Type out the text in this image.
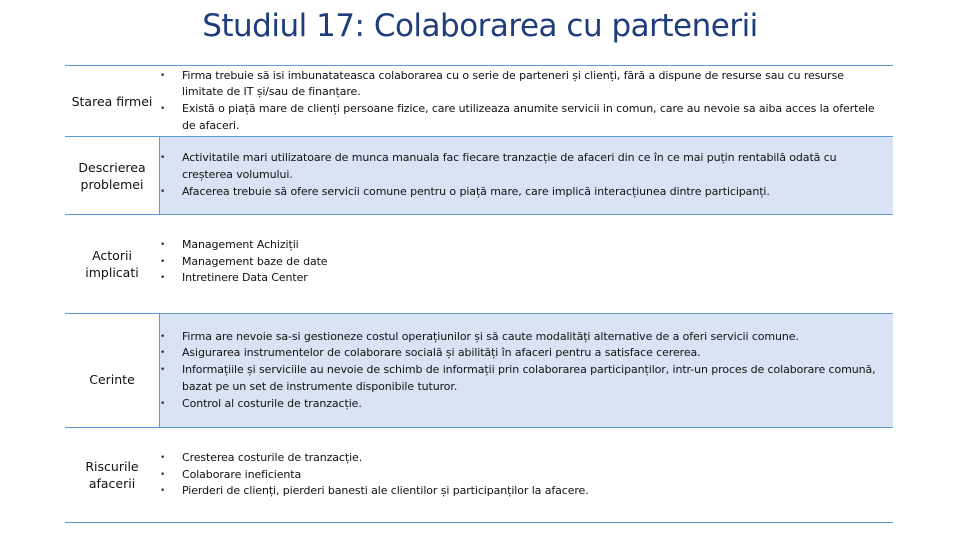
Studiul 17: Colaborarea cu partenerii
Starea firmei
•	Firma trebuie să isi imbunatateasca colaborarea cu o serie de parteneri și clienți, fără a dispune de resurse sau cu resurse limitate de IT și/sau de finanțare.
•	Există o piață mare de clienți persoane fizice, care utilizeaza anumite servicii in comun, care au nevoie sa aiba acces la ofertele de afaceri.
Descrierea problemei
•	Activitatile mari utilizatoare de munca manuala fac fiecare tranzacție de afaceri din ce în ce mai puțin rentabilă odată cu creșterea volumului.
•	Afacerea trebuie să ofere servicii comune pentru o piață mare, care implică interacțiunea dintre participanți.
Actorii implicati
•	Management Achiziții
•	Management baze de date
•	Intretinere Data Center
Cerinte
•	Firma are nevoie sa-si gestioneze costul operațiunilor și să caute modalități alternative de a oferi servicii comune.
•	Asigurarea instrumentelor de colaborare socială și abilități în afaceri pentru a satisface cererea.
•	Informațiile și serviciile au nevoie de schimb de informații prin colaborarea participanților, intr-un proces de colaborare comună, bazat pe un set de instrumente disponibile tuturor.
•	Control al costurile de tranzacție.
Riscurile afacerii
•	Cresterea costurile de tranzacție.
•	Colaborare ineficienta
•	Pierderi de clienți, pierderi banesti ale clientilor și participanților la afacere.
